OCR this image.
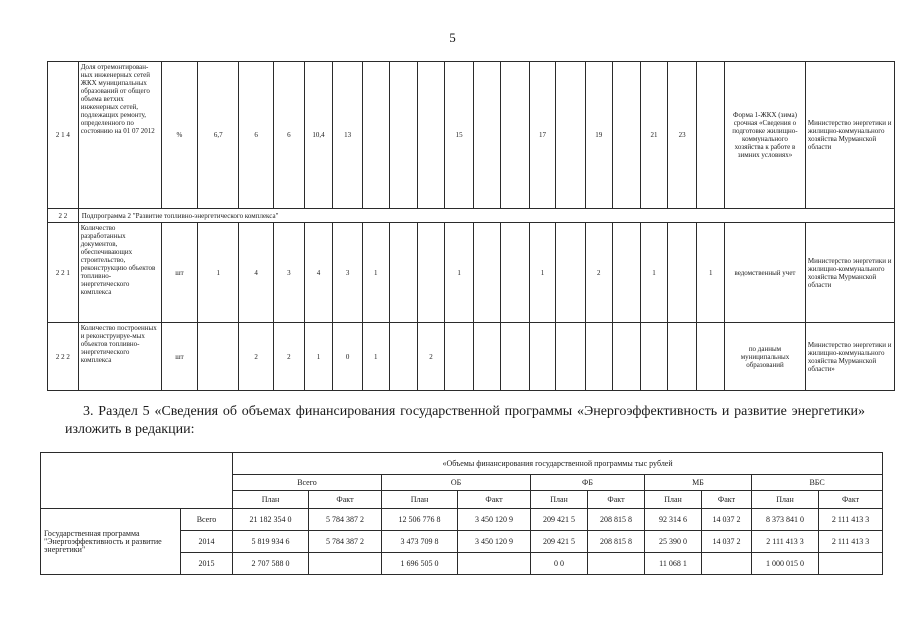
5
2 1 4	Доля отремонтирован-ных инженерных сетей ЖКХ муниципальных образований от общего объема ветхих инженерных сетей, подлежащих ремонту, определенного по состоянию на 01 07 2012	%	6,7	6	6	10,4	13				15			17		19		21	23		Форма 1-ЖКХ (зима) срочная «Сведения о подготовке жилищно-коммунального хозяйства к работе в зимних условиях»	Министерство энергетики и жилищно-коммунального хозяйства Мурманской области
2 2	Подпрограмма 2 "Развитие топливно-энергетического комплекса"																					
2 2 1	Количество разработанных документов, обеспечивающих строительство, реконструкцию объектов топливно-энергетического комплекса	шт	1	4	3	4	3	1			1			1		2		1		1	ведомственный учет	Министерство энергетики и жилищно-коммунального хозяйства Мурманской области
2 2 2	Количество построенных и реконструируе-мых объектов топливно-энергетического комплекса	шт		2	2	1	0	1		2											по данным муниципальных образований	Министерство энергетики и жилищно-коммунального хозяйства Мурманской области»
3. Раздел 5 «Сведения об объемах финансирования государственной программы «Энергоэффективность и развитие энергетики» изложить в редакции:
		«Объемы финансирования государственной программы тыс рублей									
		Всего		ОБ		ФБ		МБ		ВБС	
		План	Факт	План	Факт	План	Факт	План	Факт	План	Факт
Государственная программа "Энергоэффективность и развитие энергетики"	Всего	21 182 354 0	5 784 387 2	12 506 776 8	3 450 120 9	209 421 5	208 815 8	92 314 6	14 037 2	8 373 841 0	2 111 413 3
	2014	5 819 934 6	5 784 387 2	3 473 709 8	3 450 120 9	209 421 5	208 815 8	25 390 0	14 037 2	2 111 413 3	2 111 413 3
	2015	2 707 588 0		1 696 505 0		0 0		11 068 1		1 000 015 0	
